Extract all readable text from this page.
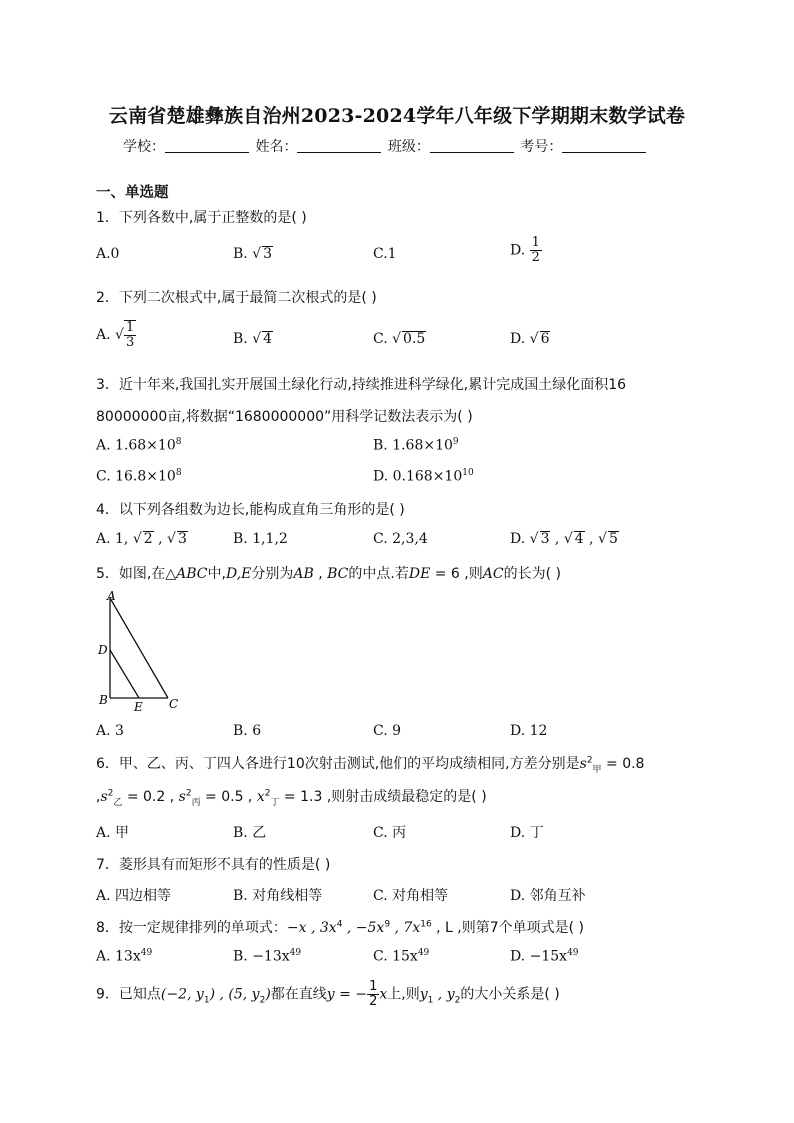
云南省楚雄彝族自治州2023-2024学年八年级下学期期末数学试卷
学校：	姓名：	班级：	考号：
一、单选题
1．下列各数中,属于正整数的是( )
A.0	B. √ 3	C.1	D. $\frac{1}{2}$
2．下列二次根式中,属于最简二次根式的是( )
A. √ $\frac{1}{3}$	B. √ 4	C. √ 0.5	D. √ 6
3．近十年来,我国扎实开展国土绿化行动,持续推进科学绿化,累计完成国土绿化面积16
80000000亩,将数据“1680000000”用科学记数法表示为( )
A. $1.68\times 10^8$	B. $1.68\times 10^9$
C. $16.8\times 10^8$	D. $0.168\times 10^{10}$
4．以下列各组数为边长,能构成直角三角形的是( )
A. 1, √ 2 , √ 3	B. 1,1,2	C. 2,3,4	D. √ 3 , √ 4 , √ 5
5．如图,在△ABC中,D,E分别为AB , BC的中点.若DE = 6 ,则AC的长为( )
A
D
B E C
A. 3	B. 6	C. 9	D. 12
6．甲、乙、丙、丁四人各进行10次射击测试,他们的平均成绩相同,方差分别是$s^2_甲 = 0.8$
$,s^2_乙 = 0.2$ , $s^2_丙 = 0.5$ , $x^2_丁 = 1.3$ ,则射击成绩最稳定的是( )
A. 甲	B. 乙	C. 丙	D. 丁
7．菱形具有而矩形不具有的性质是( )
A. 四边相等	B. 对角线相等	C. 对角相等	D. 邻角互补
8．按一定规律排列的单项式：−x , $3x^4$ , $-5x^9$ , $7x^{16}$ , L ,则第7个单项式是( )
A. $13x^{49}$	B. $-13x^{49}$	C. $15x^{49}$	D. $-15x^{49}$
9．已知点(−2, $y_1$) , (5, $y_2$)都在直线y = − $\frac{1}{2}$ x上,则$y_1$ , $y_2$的大小关系是( )
